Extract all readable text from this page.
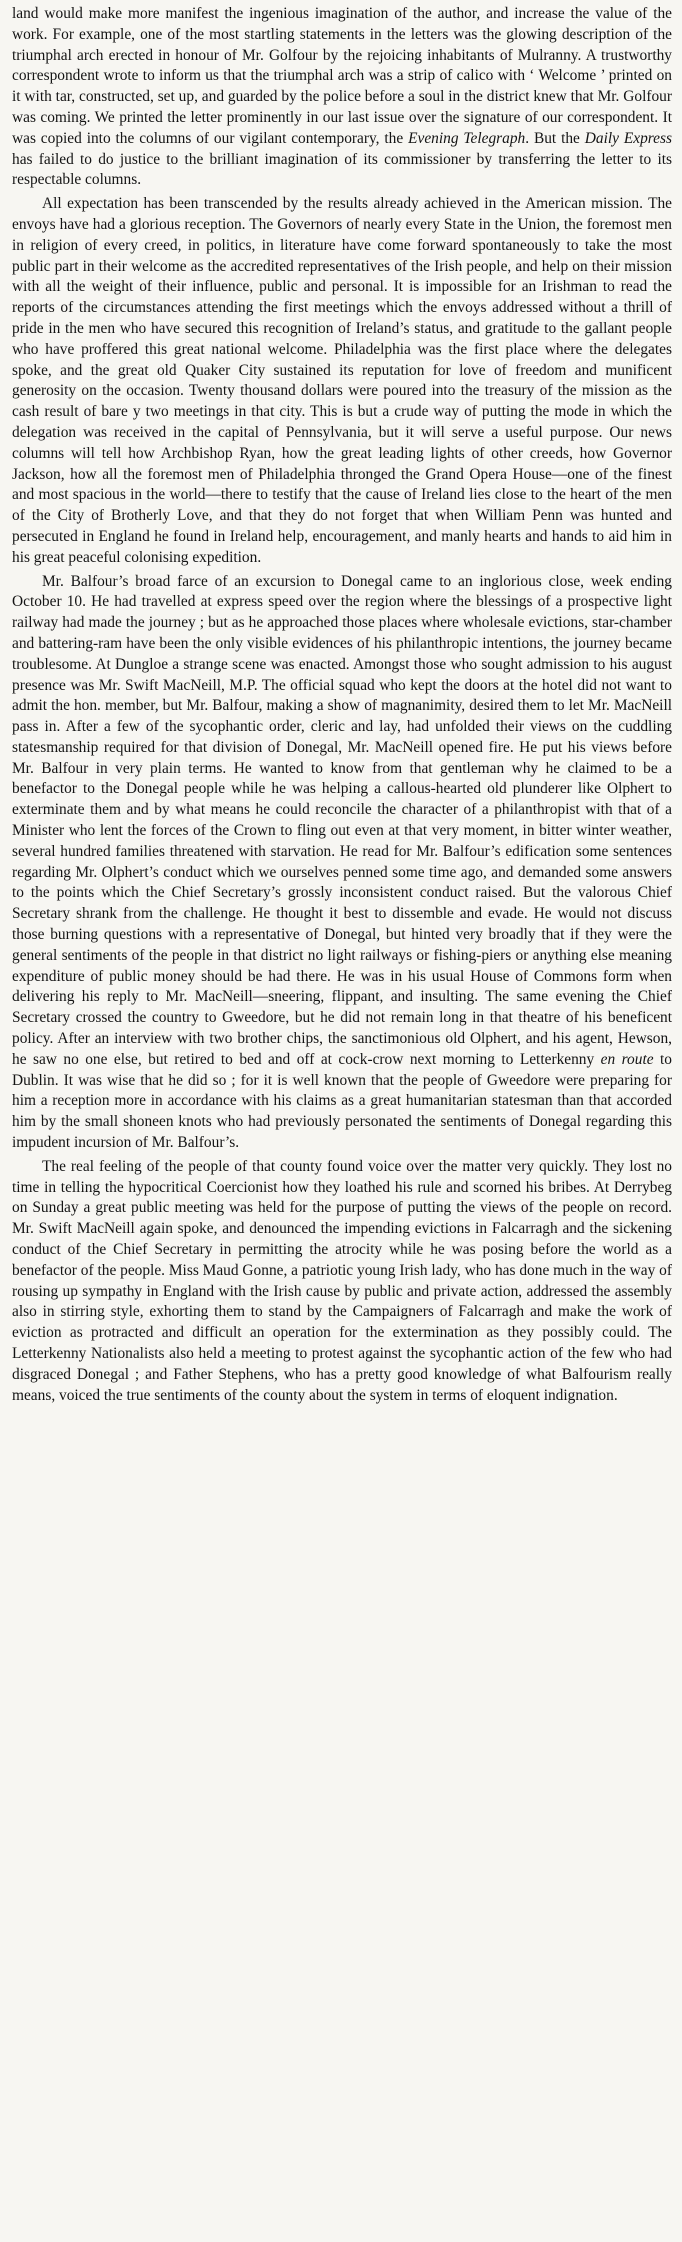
land would make more manifest the ingenious imagination of the author, and increase the value of the work. For example, one of the most startling statements in the letters was the glowing description of the triumphal arch erected in honour of Mr. Golfour by the rejoicing inhabitants of Mulranny. A trustworthy correspondent wrote to inform us that the triumphal arch was a strip of calico with ‘ Welcome ’ printed on it with tar, constructed, set up, and guarded by the police before a soul in the district knew that Mr. Golfour was coming. We printed the letter prominently in our last issue over the signature of our correspondent. It was copied into the columns of our vigilant contemporary, the Evening Telegraph. But the Daily Express has failed to do justice to the brilliant imagination of its commissioner by transferring the letter to its respectable columns.

All expectation has been transcended by the results already achieved in the American mission. The envoys have had a glorious reception. The Governors of nearly every State in the Union, the foremost men in religion of every creed, in politics, in literature have come forward spontaneously to take the most public part in their welcome as the accredited representatives of the Irish people, and help on their mission with all the weight of their influence, public and personal. It is impossible for an Irishman to read the reports of the circumstances attending the first meetings which the envoys addressed without a thrill of pride in the men who have secured this recognition of Ireland’s status, and gratitude to the gallant people who have proffered this great national welcome. Philadelphia was the first place where the delegates spoke, and the great old Quaker City sustained its reputation for love of freedom and munificent generosity on the occasion. Twenty thousand dollars were poured into the treasury of the mission as the cash result of bare y two meetings in that city. This is but a crude way of putting the mode in which the delegation was received in the capital of Pennsylvania, but it will serve a useful purpose. Our news columns will tell how Archbishop Ryan, how the great leading lights of other creeds, how Governor Jackson, how all the foremost men of Philadelphia thronged the Grand Opera House—one of the finest and most spacious in the world—there to testify that the cause of Ireland lies close to the heart of the men of the City of Brotherly Love, and that they do not forget that when William Penn was hunted and persecuted in England he found in Ireland help, encouragement, and manly hearts and hands to aid him in his great peaceful colonising expedition.

Mr. Balfour’s broad farce of an excursion to Donegal came to an inglorious close, week ending October 10. He had travelled at express speed over the region where the blessings of a prospective light railway had made the journey ; but as he approached those places where wholesale evictions, star-chamber and battering-ram have been the only visible evidences of his philanthropic intentions, the journey became troublesome. At Dungloe a strange scene was enacted. Amongst those who sought admission to his august presence was Mr. Swift MacNeill, M.P. The official squad who kept the doors at the hotel did not want to admit the hon. member, but Mr. Balfour, making a show of magnanimity, desired them to let Mr. MacNeill pass in. After a few of the sycophantic order, cleric and lay, had unfolded their views on the cuddling statesmanship required for that division of Donegal, Mr. MacNeill opened fire. He put his views before Mr. Balfour in very plain terms. He wanted to know from that gentleman why he claimed to be a benefactor to the Donegal people while he was helping a callous-hearted old plunderer like Olphert to exterminate them and by what means he could reconcile the character of a philanthropist with that of a Minister who lent the forces of the Crown to fling out even at that very moment, in bitter winter weather, several hundred families threatened with starvation. He read for Mr. Balfour’s edification some sentences regarding Mr. Olphert’s conduct which we ourselves penned some time ago, and demanded some answers to the points which the Chief Secretary’s grossly inconsistent conduct raised. But the valorous Chief Secretary shrank from the challenge. He thought it best to dissemble and evade. He would not discuss those burning questions with a representative of Donegal, but hinted very broadly that if they were the general sentiments of the people in that district no light railways or fishing-piers or anything else meaning expenditure of public money should be had there. He was in his usual House of Commons form when delivering his reply to Mr. MacNeill—sneering, flippant, and insulting. The same evening the Chief Secretary crossed the country to Gweedore, but he did not remain long in that theatre of his beneficent policy. After an interview with two brother chips, the sanctimonious old Olphert, and his agent, Hewson, he saw no one else, but retired to bed and off at cock-crow next morning to Letterkenny en route to Dublin. It was wise that he did so ; for it is well known that the people of Gweedore were preparing for him a reception more in accordance with his claims as a great humanitarian statesman than that accorded him by the small shoneen knots who had previously personated the sentiments of Donegal regarding this impudent incursion of Mr. Balfour’s.

The real feeling of the people of that county found voice over the matter very quickly. They lost no time in telling the hypocritical Coercionist how they loathed his rule and scorned his bribes. At Derrybeg on Sunday a great public meeting was held for the purpose of putting the views of the people on record. Mr. Swift MacNeill again spoke, and denounced the impending evictions in Falcarragh and the sickening conduct of the Chief Secretary in permitting the atrocity while he was posing before the world as a benefactor of the people. Miss Maud Gonne, a patriotic young Irish lady, who has done much in the way of rousing up sympathy in England with the Irish cause by public and private action, addressed the assembly also in stirring style, exhorting them to stand by the Campaigners of Falcarragh and make the work of eviction as protracted and difficult an operation for the extermination as they possibly could. The Letterkenny Nationalists also held a meeting to protest against the sycophantic action of the few who had disgraced Donegal ; and Father Stephens, who has a pretty good knowledge of what Balfourism really means, voiced the true sentiments of the county about the system in terms of eloquent indignation.
